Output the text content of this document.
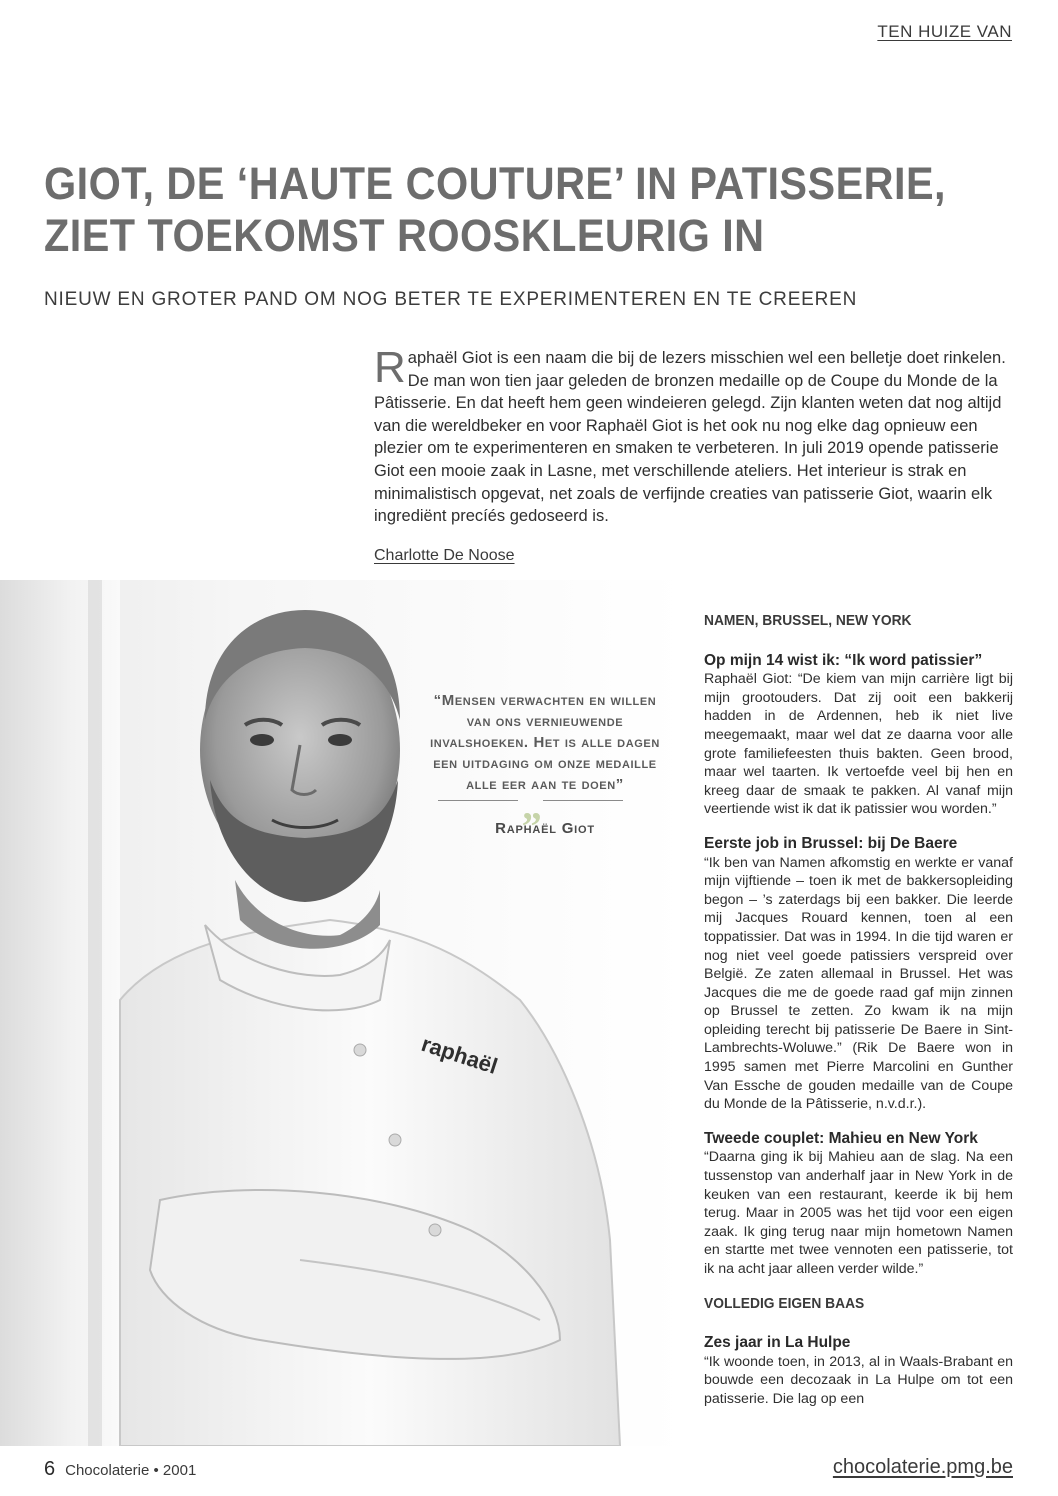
TEN HUIZE VAN
GIOT, DE ‘HAUTE COUTURE’ IN PATISSERIE,
ZIET TOEKOMST ROOSKLEURIG IN
NIEUW EN GROTER PAND OM NOG BETER TE EXPERIMENTEREN EN TE CREEREN
Raphaël Giot is een naam die bij de lezers misschien wel een belletje doet rinkelen. De man won tien jaar geleden de bronzen medaille op de Coupe du Monde de la Pâtisserie. En dat heeft hem geen windeieren gelegd. Zijn klanten weten dat nog altijd van die wereldbeker en voor Raphaël Giot is het ook nu nog elke dag opnieuw een plezier om te experimenteren en smaken te verbeteren. In juli 2019 opende patisserie Giot een mooie zaak in Lasne, met verschillende ateliers. Het interieur is strak en minimalistisch opgevat, net zoals de verfijnde creaties van patisserie Giot, waarin elk ingrediënt precíés gedoseerd is.
Charlotte De Noose
raphaël
“Mensen verwachten en willen van ons vernieuwende invalshoeken. Het is alle dagen een uitdaging om onze medaille alle eer aan te doen”
„
Raphaël Giot
NAMEN, BRUSSEL, NEW YORK
Op mijn 14 wist ik: “Ik word patissier”

Raphaël Giot: “De kiem van mijn carrière ligt bij mijn grootouders. Dat zij ooit een bakkerij hadden in de Ardennen, heb ik niet live meegemaakt, maar wel dat ze daarna voor alle grote familiefeesten thuis bakten. Geen brood, maar wel taarten. Ik vertoefde veel bij hen en kreeg daar de smaak te pakken. Al vanaf mijn veertiende wist ik dat ik patissier wou worden.”

Eerste job in Brussel: bij De Baere

“Ik ben van Namen afkomstig en werkte er vanaf mijn vijftiende – toen ik met de bakkersopleiding begon – ’s zaterdags bij een bakker. Die leerde mij Jacques Rouard kennen, toen al een toppatissier. Dat was in 1994. In die tijd waren er nog niet veel goede patissiers verspreid over België. Ze zaten allemaal in Brussel. Het was Jacques die me de goede raad gaf mijn zinnen op Brussel te zetten. Zo kwam ik na mijn opleiding terecht bij patisserie De Baere in Sint-Lambrechts-Woluwe.” (Rik De Baere won in 1995 samen met Pierre Marcolini en Gunther Van Essche de gouden medaille van de Coupe du Monde de la Pâtisserie, n.v.d.r.).

Tweede couplet: Mahieu en New York

“Daarna ging ik bij Mahieu aan de slag. Na een tussenstop van anderhalf jaar in New York in de keuken van een restaurant, keerde ik bij hem terug. Maar in 2005 was het tijd voor een eigen zaak. Ik ging terug naar mijn hometown Namen en startte met twee vennoten een patisserie, tot ik na acht jaar alleen verder wilde.”

VOLLEDIG EIGEN BAAS
Zes jaar in La Hulpe

“Ik woonde toen, in 2013, al in Waals-Brabant en bouwde een decozaak in La Hulpe om tot een patisserie. Die lag op een

6 Chocolaterie • 2001	chocolaterie.pmg.be
